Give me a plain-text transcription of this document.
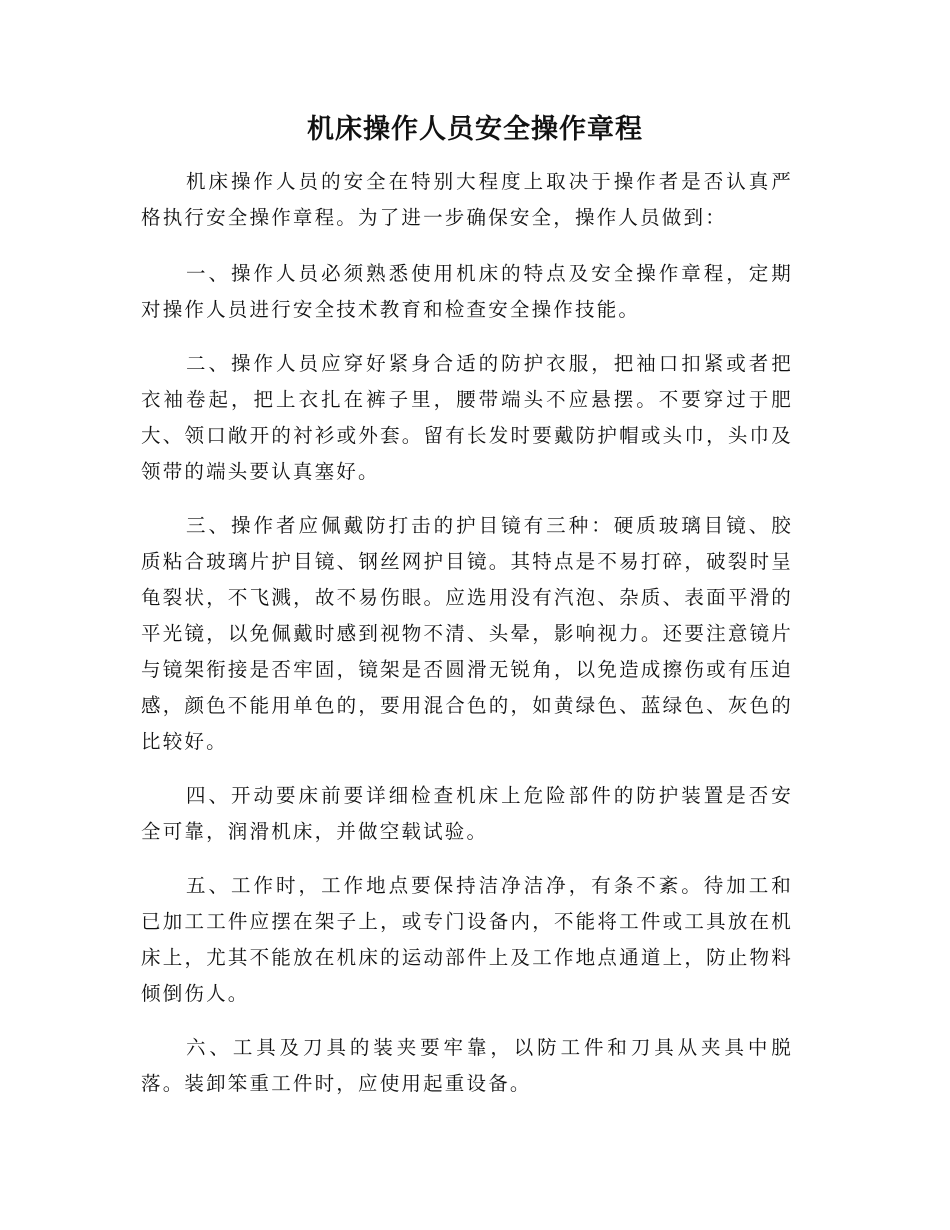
机床操作人员安全操作章程

机床操作人员的安全在特别大程度上取决于操作者是否认真严格执行安全操作章程。为了进一步确保安全，操作人员做到：

一、操作人员必须熟悉使用机床的特点及安全操作章程，定期对操作人员进行安全技术教育和检查安全操作技能。

二、操作人员应穿好紧身合适的防护衣服，把袖口扣紧或者把衣袖卷起，把上衣扎在裤子里，腰带端头不应悬摆。不要穿过于肥大、领口敞开的衬衫或外套。留有长发时要戴防护帽或头巾，头巾及领带的端头要认真塞好。

三、操作者应佩戴防打击的护目镜有三种：硬质玻璃目镜、胶质粘合玻璃片护目镜、钢丝网护目镜。其特点是不易打碎，破裂时呈龟裂状，不飞溅，故不易伤眼。应选用没有汽泡、杂质、表面平滑的平光镜，以免佩戴时感到视物不清、头晕，影响视力。还要注意镜片与镜架衔接是否牢固，镜架是否圆滑无锐角，以免造成擦伤或有压迫感，颜色不能用单色的，要用混合色的，如黄绿色、蓝绿色、灰色的比较好。

四、开动要床前要详细检查机床上危险部件的防护装置是否安全可靠，润滑机床，并做空载试验。

五、工作时，工作地点要保持洁净洁净，有条不紊。待加工和已加工工件应摆在架子上，或专门设备内，不能将工件或工具放在机床上，尤其不能放在机床的运动部件上及工作地点通道上，防止物料倾倒伤人。

六、工具及刀具的装夹要牢靠，以防工件和刀具从夹具中脱落。装卸笨重工件时，应使用起重设备。
